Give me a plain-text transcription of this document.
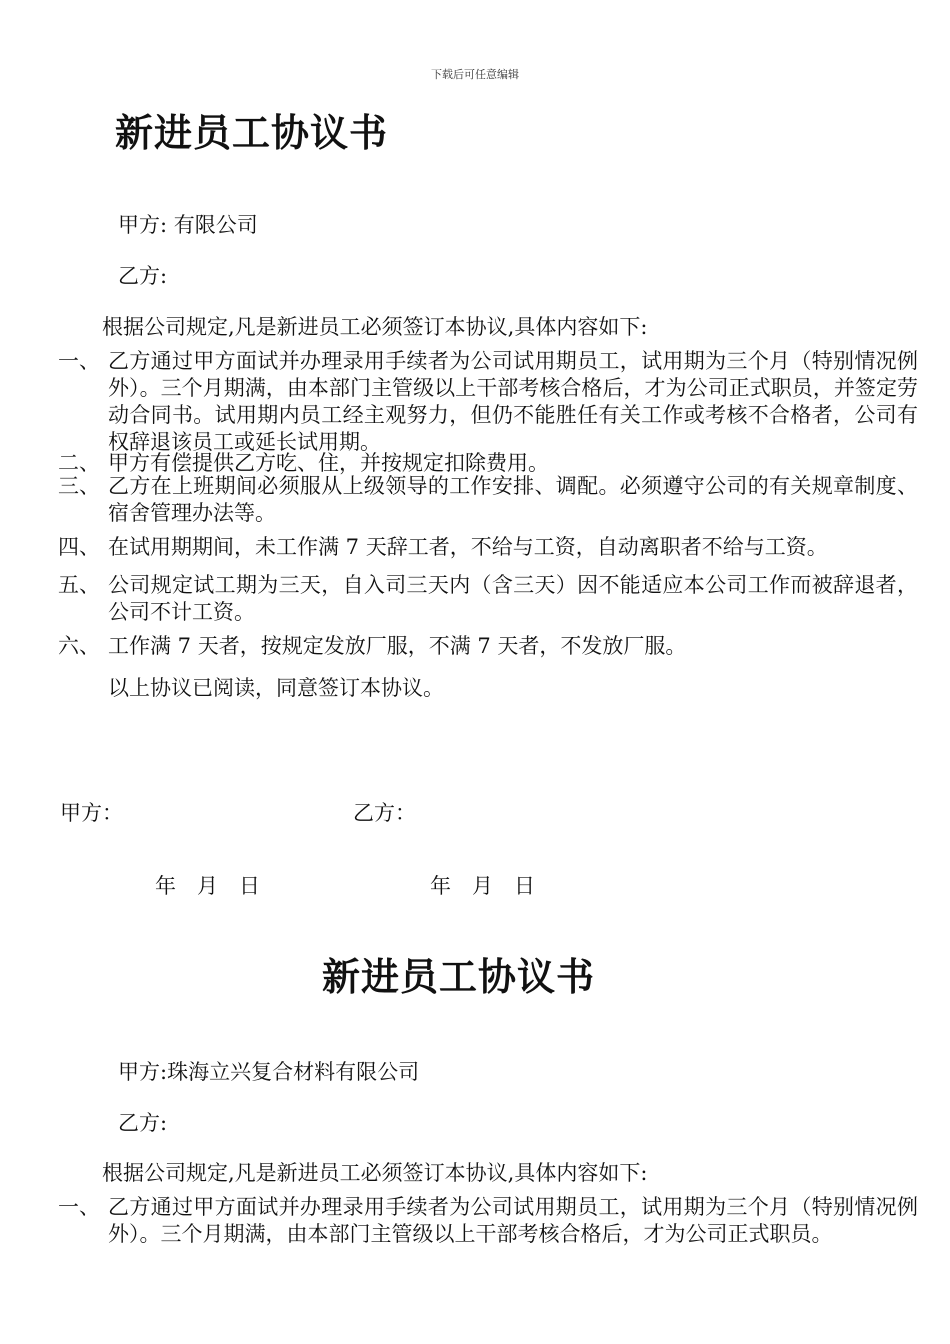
下载后可任意编辑
新进员工协议书
甲方: 有限公司
乙方:
根据公司规定,凡是新进员工必须签订本协议,具体内容如下:
一、 乙方通过甲方面试并办理录用手续者为公司试用期员工，试用期为三个月（特别情况例外）。三个月期满，由本部门主管级以上干部考核合格后，才为公司正式职员，并签定劳动合同书。试用期内员工经主观努力，但仍不能胜任有关工作或考核不合格者，公司有权辞退该员工或延长试用期。
二、 甲方有偿提供乙方吃、住，并按规定扣除费用。
三、 乙方在上班期间必须服从上级领导的工作安排、调配。必须遵守公司的有关规章制度、宿舍管理办法等。
四、 在试用期期间，未工作满 7 天辞工者，不给与工资，自动离职者不给与工资。
五、 公司规定试工期为三天，自入司三天内（含三天）因不能适应本公司工作而被辞退者，公司不计工资。
六、 工作满 7 天者，按规定发放厂服，不满 7 天者，不发放厂服。
以上协议已阅读，同意签订本协议。
甲方：	乙方：
年　月　日	年　月　日
新进员工协议书
甲方:珠海立兴复合材料有限公司
乙方:
根据公司规定,凡是新进员工必须签订本协议,具体内容如下:
一、 乙方通过甲方面试并办理录用手续者为公司试用期员工，试用期为三个月（特别情况例外）。三个月期满，由本部门主管级以上干部考核合格后，才为公司正式职员。
